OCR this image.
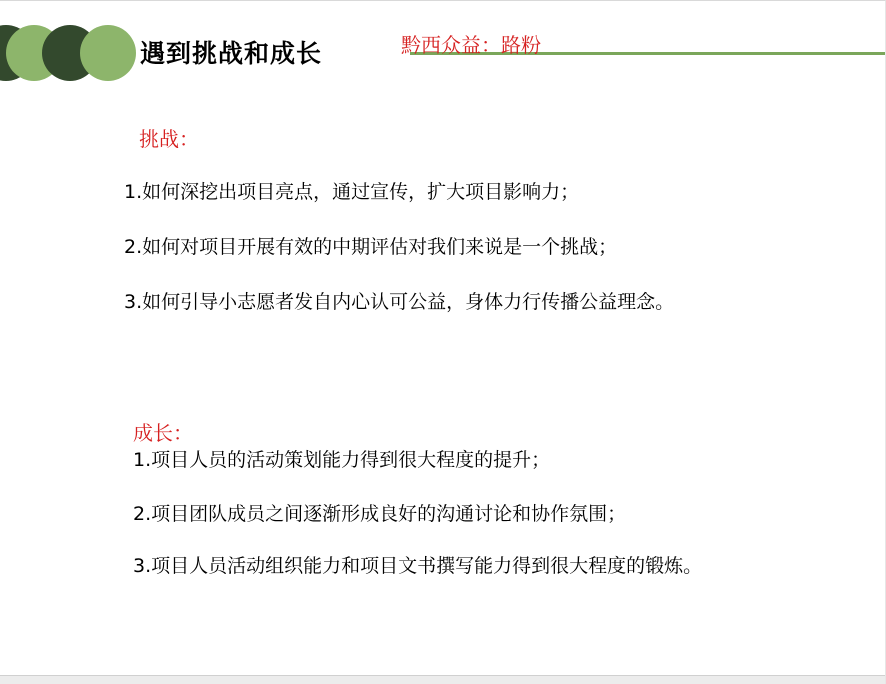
遇到挑战和成长	黔西众益：路粉
挑战：
1.如何深挖出项目亮点，通过宣传，扩大项目影响力；
2.如何对项目开展有效的中期评估对我们来说是一个挑战；
3.如何引导小志愿者发自内心认可公益，身体力行传播公益理念。
成长：
1.项目人员的活动策划能力得到很大程度的提升；
2.项目团队成员之间逐渐形成良好的沟通讨论和协作氛围；
3.项目人员活动组织能力和项目文书撰写能力得到很大程度的锻炼。
